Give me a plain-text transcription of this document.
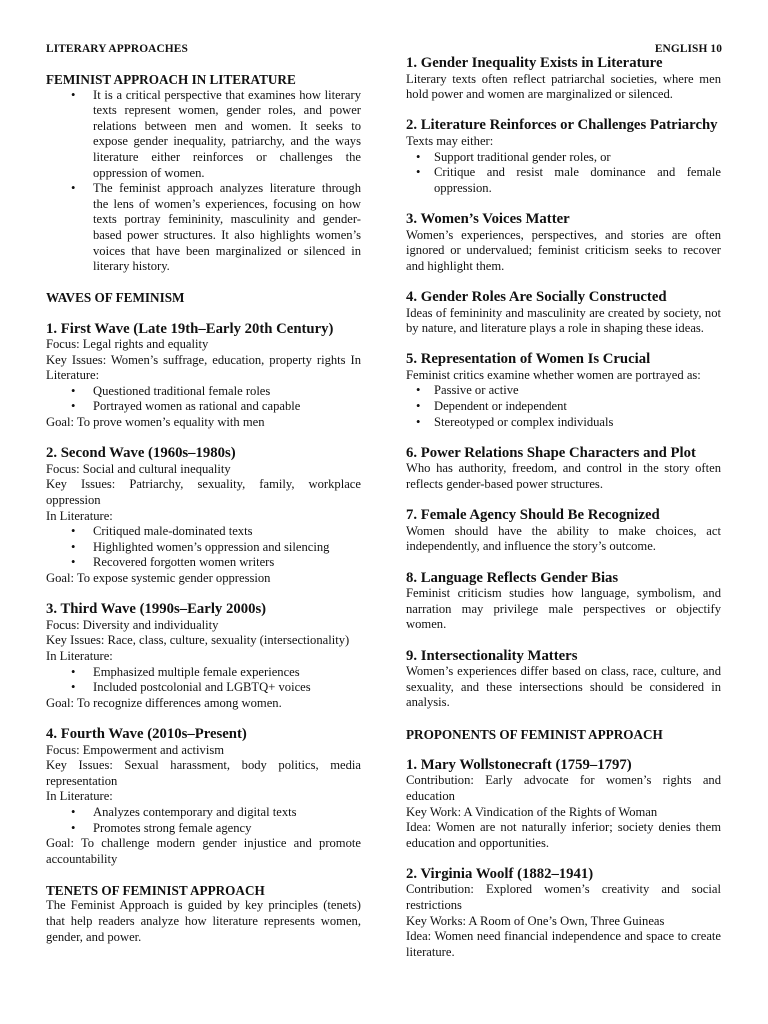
LITERARY APPROACHES	ENGLISH 10
FEMINIST APPROACH IN LITERATURE
• It is a critical perspective that examines how literary texts represent women, gender roles, and power relations between men and women. It seeks to expose gender inequality, patriarchy, and the ways literature either reinforces or challenges the oppression of women.
• The feminist approach analyzes literature through the lens of women’s experiences, focusing on how texts portray femininity, masculinity and gender-based power structures. It also highlights women’s voices that have been marginalized or silenced in literary history.
WAVES OF FEMINISM
1. First Wave (Late 19th–Early 20th Century)

Focus: Legal rights and equality

Key Issues: Women’s suffrage, education, property rights In Literature:

• Questioned traditional female roles
• Portrayed women as rational and capable

Goal: To prove women’s equality with men

2. Second Wave (1960s–1980s)

Focus: Social and cultural inequality

Key Issues: Patriarchy, sexuality, family, workplace oppression

In Literature:

• Critiqued male-dominated texts
• Highlighted women’s oppression and silencing
• Recovered forgotten women writers

Goal: To expose systemic gender oppression

3. Third Wave (1990s–Early 2000s)

Focus: Diversity and individuality

Key Issues: Race, class, culture, sexuality (intersectionality)

In Literature:

• Emphasized multiple female experiences
• Included postcolonial and LGBTQ+ voices

Goal: To recognize differences among women.

4. Fourth Wave (2010s–Present)

Focus: Empowerment and activism

Key Issues: Sexual harassment, body politics, media representation

In Literature:

• Analyzes contemporary and digital texts
• Promotes strong female agency

Goal: To challenge modern gender injustice and promote accountability

TENETS OF FEMINIST APPROACH

The Feminist Approach is guided by key principles (tenets) that help readers analyze how literature represents women, gender, and power.

1. Gender Inequality Exists in Literature

Literary texts often reflect patriarchal societies, where men hold power and women are marginalized or silenced.

2. Literature Reinforces or Challenges Patriarchy

Texts may either:

• Support traditional gender roles, or
• Critique and resist male dominance and female oppression.
3. Women’s Voices Matter

Women’s experiences, perspectives, and stories are often ignored or undervalued; feminist criticism seeks to recover and highlight them.

4. Gender Roles Are Socially Constructed

Ideas of femininity and masculinity are created by society, not by nature, and literature plays a role in shaping these ideas.

5. Representation of Women Is Crucial

Feminist critics examine whether women are portrayed as:

• Passive or active
• Dependent or independent
• Stereotyped or complex individuals
6. Power Relations Shape Characters and Plot

Who has authority, freedom, and control in the story often reflects gender-based power structures.

7. Female Agency Should Be Recognized

Women should have the ability to make choices, act independently, and influence the story’s outcome.

8. Language Reflects Gender Bias

Feminist criticism studies how language, symbolism, and narration may privilege male perspectives or objectify women.

9. Intersectionality Matters

Women’s experiences differ based on class, race, culture, and sexuality, and these intersections should be considered in analysis.

PROPONENTS OF FEMINIST APPROACH
1. Mary Wollstonecraft (1759–1797)

Contribution: Early advocate for women’s rights and education

Key Work: A Vindication of the Rights of Woman

Idea: Women are not naturally inferior; society denies them education and opportunities.

2. Virginia Woolf (1882–1941)

Contribution: Explored women’s creativity and social restrictions

Key Works: A Room of One’s Own, Three Guineas

Idea: Women need financial independence and space to create literature.
